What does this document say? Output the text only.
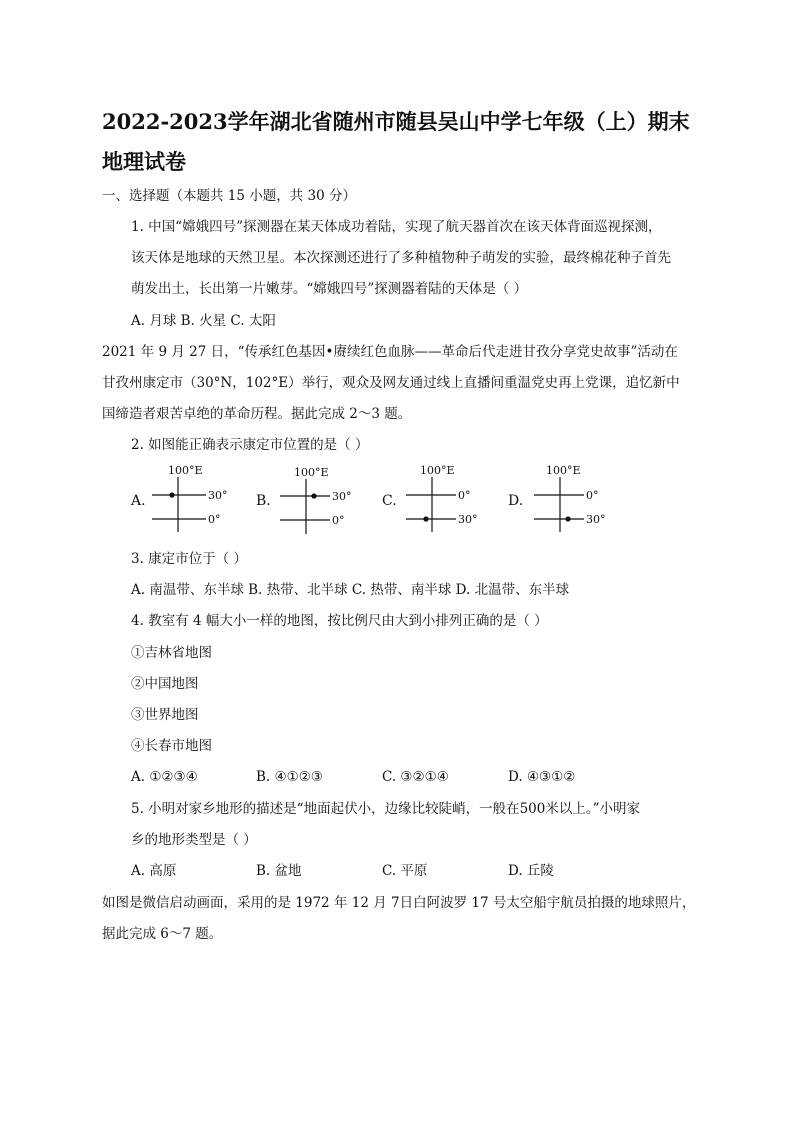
2022-2023学年湖北省随州市随县吴山中学七年级（上）期末地理试卷
一、选择题（本题共 15 小题，共 30 分）
1. 中国“嫦娥四号”探测器在某天体成功着陆，实现了航天器首次在该天体背面巡视探测，
该天体是地球的天然卫星。本次探测还进行了多种植物种子萌发的实验，最终棉花种子首先
萌发出土，长出第一片嫩芽。“嫦娥四号”探测器着陆的天体是（ ）
A. 月球 B. 火星 C. 太阳
2021 年 9 月 27 日，“传承红色基因•赓续红色血脉——革命后代走进甘孜分享党史故事”活动在
甘孜州康定市（30°N，102°E）举行，观众及网友通过线上直播间重温党史再上党课，追忆新中
国缔造者艰苦卓绝的革命历程。据此完成 2～3 题。
2. 如图能正确表示康定市位置的是（ ）
A.
100°E
30°
0°
B.
100°E
30°
0°
C.
100°E
0°
30°
D.
100°E
0°
30°
3. 康定市位于（ ）
A. 南温带、东半球 B. 热带、北半球 C. 热带、南半球 D. 北温带、东半球
4. 教室有 4 幅大小一样的地图，按比例尺由大到小排列正确的是（ ）
①吉林省地图
②中国地图
③世界地图
④长春市地图
A. ①②③④	B. ④①②③	C. ③②①④	D. ④③①②
5. 小明对家乡地形的描述是“地面起伏小，边缘比较陡峭，一般在500米以上。”小明家
乡的地形类型是（ ）
A. 高原	B. 盆地	C. 平原	D. 丘陵
如图是微信启动画面，采用的是 1972 年 12 月 7日白阿波罗 17 号太空船宇航员拍摄的地球照片，
据此完成 6～7 题。
